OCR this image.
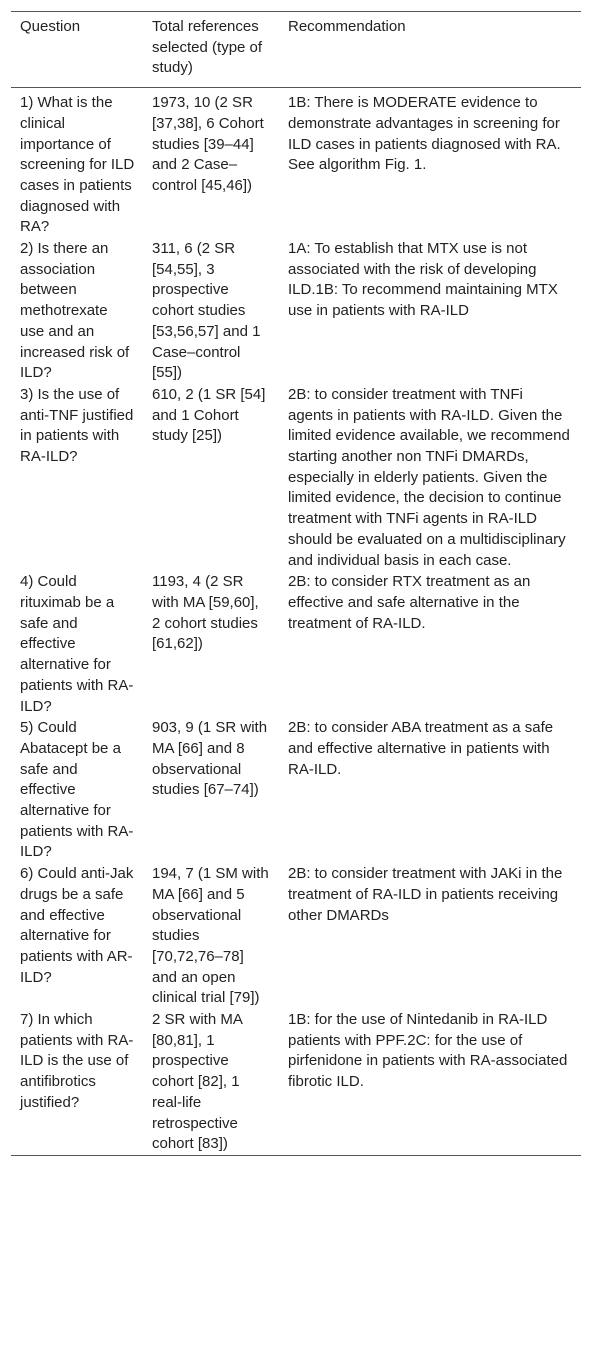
Question	Total references selected (type of study)	Recommendation
1) What is the clinical importance of screening for ILD cases in patients diagnosed with RA?	1973, 10 (2 SR [37,38], 6 Cohort studies [39–44] and 2 Case–control [45,46])	1B: There is MODERATE evidence to demonstrate advantages in screening for ILD cases in patients diagnosed with RA. See algorithm Fig. 1.
2) Is there an association between methotrexate use and an increased risk of ILD?	311, 6 (2 SR [54,55], 3 prospective cohort studies [53,56,57] and 1 Case–control [55])	1A: To establish that MTX use is not associated with the risk of developing ILD.1B: To recommend maintaining MTX use in patients with RA-ILD
3) Is the use of anti-TNF justified in patients with RA-ILD?	610, 2 (1 SR [54] and 1 Cohort study [25])	2B: to consider treatment with TNFi agents in patients with RA-ILD. Given the limited evidence available, we recommend starting another non TNFi DMARDs, especially in elderly patients. Given the limited evidence, the decision to continue treatment with TNFi agents in RA-ILD should be evaluated on a multidisciplinary and individual basis in each case.
4) Could rituximab be a safe and effective alternative for patients with RA-ILD?	1193, 4 (2 SR with MA [59,60], 2 cohort studies [61,62])	2B: to consider RTX treatment as an effective and safe alternative in the treatment of RA-ILD.
5) Could Abatacept be a safe and effective alternative for patients with RA-ILD?	903, 9 (1 SR with MA [66] and 8 observational studies [67–74])	2B: to consider ABA treatment as a safe and effective alternative in patients with RA-ILD.
6) Could anti-Jak drugs be a safe and effective alternative for patients with AR-ILD?	194, 7 (1 SM with MA [66] and 5 observational studies [70,72,76–78] and an open clinical trial [79])	2B: to consider treatment with JAKi in the treatment of RA-ILD in patients receiving other DMARDs
7) In which patients with RA-ILD is the use of antifibrotics justified?	2 SR with MA [80,81], 1 prospective cohort [82], 1 real-life retrospective cohort [83])	1B: for the use of Nintedanib in RA-ILD patients with PPF.2C: for the use of pirfenidone in patients with RA-associated fibrotic ILD.
